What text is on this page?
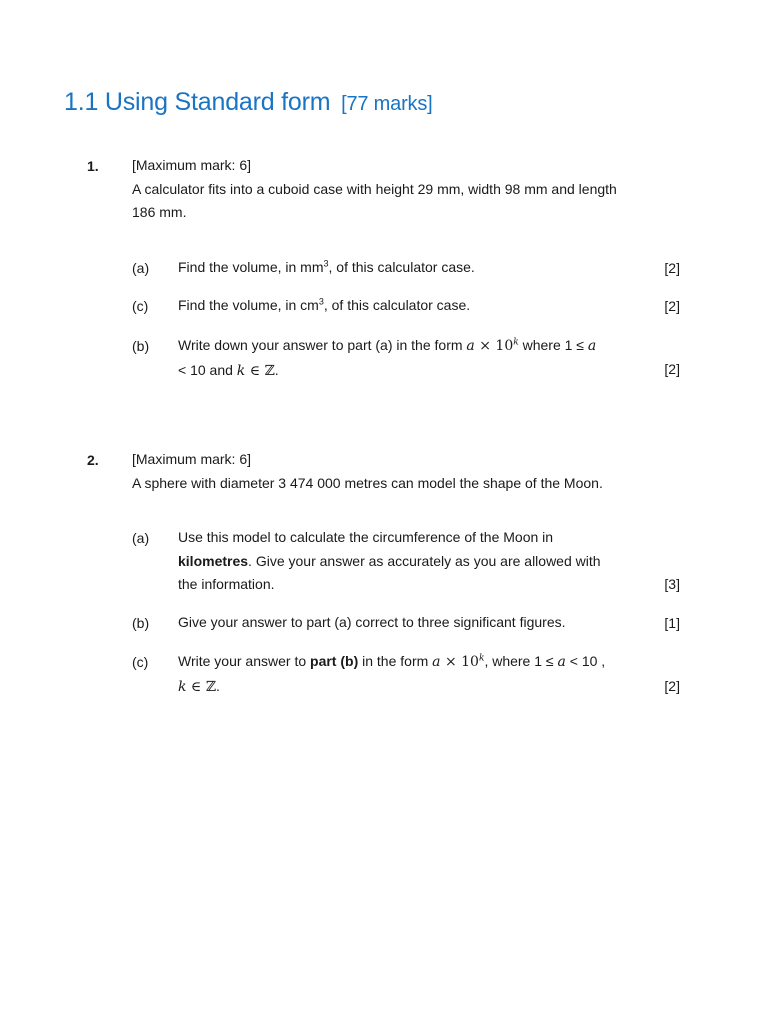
1.1 Using Standard form [77 marks]
1. [Maximum mark: 6]
A calculator fits into a cuboid case with height 29 mm, width 98 mm and length
186 mm.
(a) Find the volume, in $mm^3$, of this calculator case.	[2]
(c) Find the volume, in $cm^3$, of this calculator case.	[2]
(b) Write down your answer to part (a) in the form $a \times 10^k$ where 1 ≤ a
< 10 and k ∈ ℤ.	[2]
2. [Maximum mark: 6]
A sphere with diameter 3 474 000 metres can model the shape of the Moon.
(a) Use this model to calculate the circumference of the Moon in
kilometres. Give your answer as accurately as you are allowed with
the information.	[3]
(b) Give your answer to part (a) correct to three significant figures.	[1]
(c) Write your answer to part (b) in the form $a \times 10^k$, where 1 ≤ a < 10 ,
k ∈ ℤ.	[2]
